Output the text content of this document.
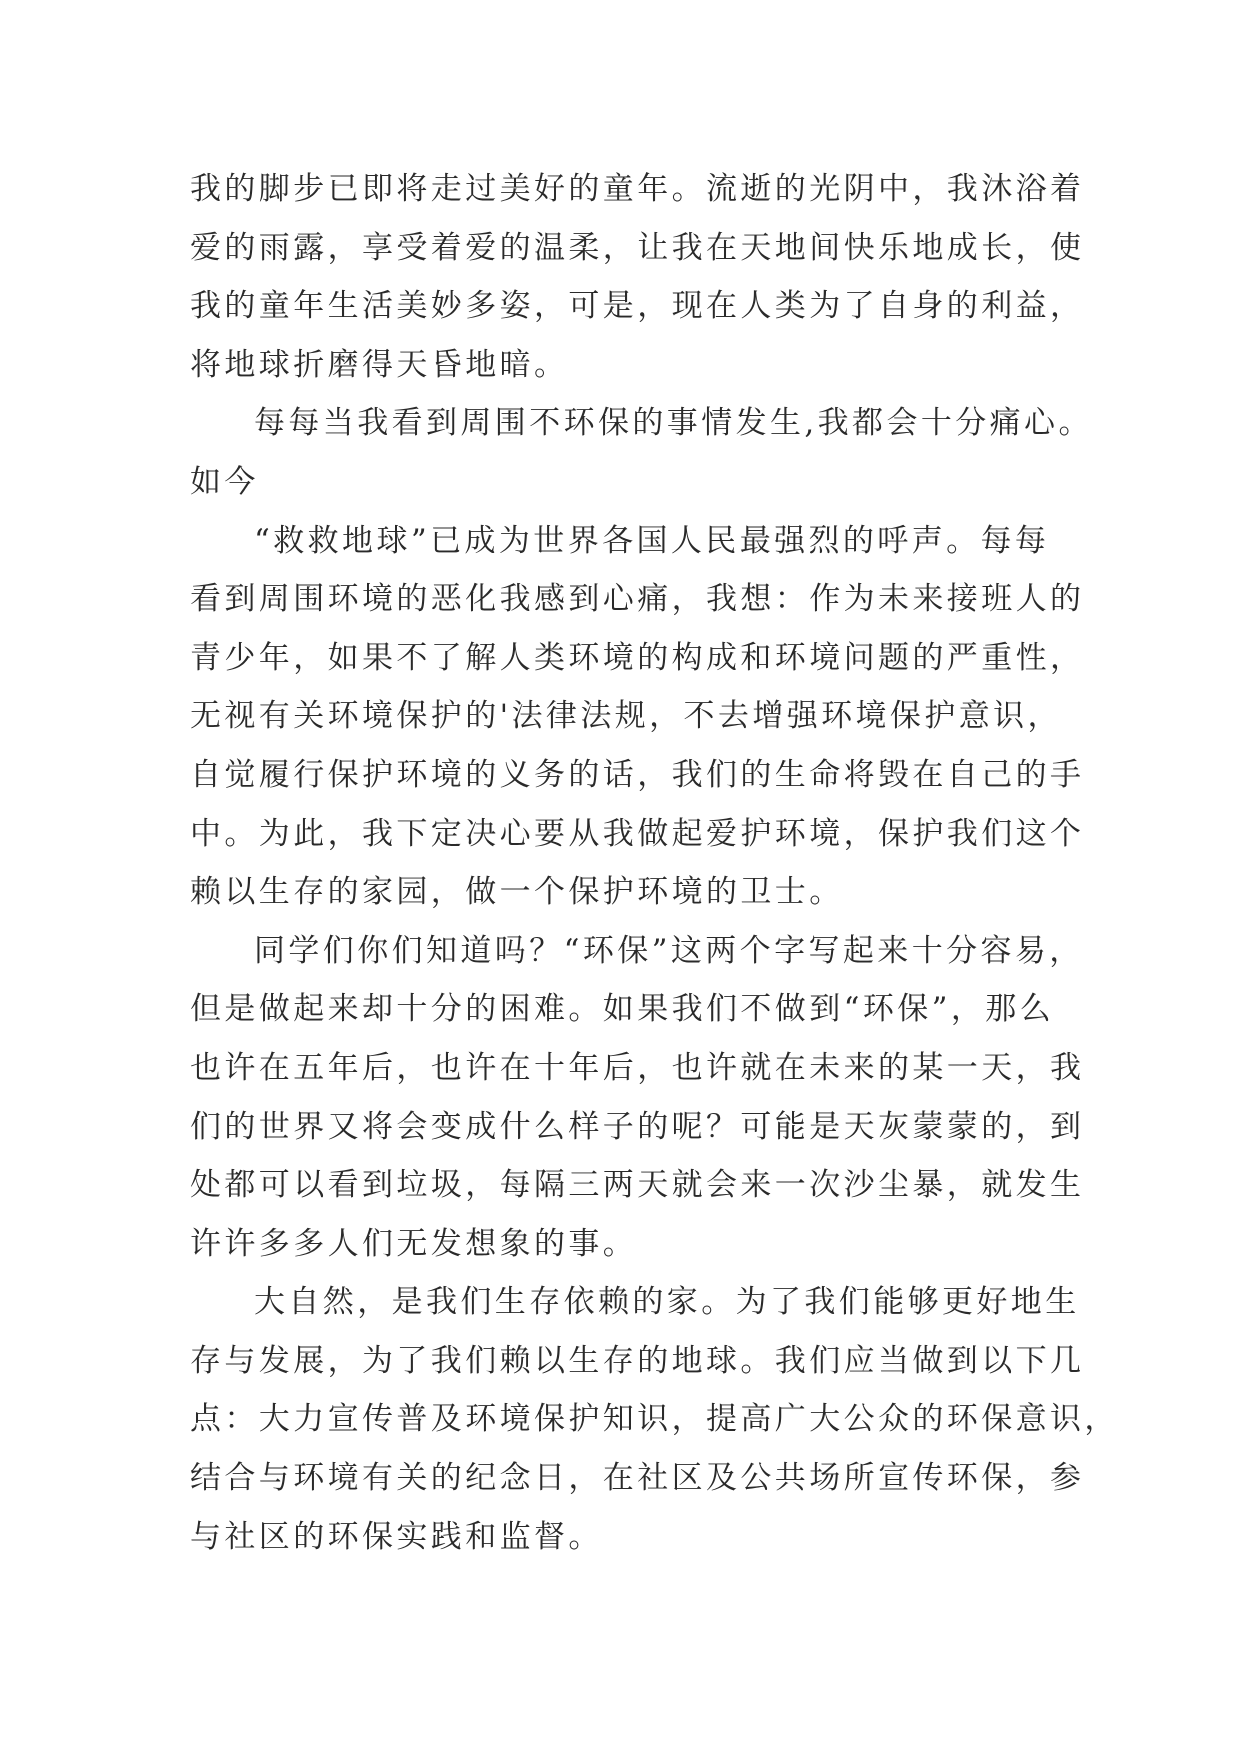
我的脚步已即将走过美好的童年。流逝的光阴中，我沐浴着
爱的雨露，享受着爱的温柔，让我在天地间快乐地成长，使
我的童年生活美妙多姿，可是，现在人类为了自身的利益，
将地球折磨得天昏地暗。
每每当我看到周围不环保的事情发生,我都会十分痛心。
如今
“救救地球”已成为世界各国人民最强烈的呼声。每每
看到周围环境的恶化我感到心痛，我想：作为未来接班人的
青少年，如果不了解人类环境的构成和环境问题的严重性，
无视有关环境保护的'法律法规，不去增强环境保护意识，
自觉履行保护环境的义务的话，我们的生命将毁在自己的手
中。为此，我下定决心要从我做起爱护环境，保护我们这个
赖以生存的家园，做一个保护环境的卫士。
同学们你们知道吗？“环保”这两个字写起来十分容易，
但是做起来却十分的困难。如果我们不做到“环保”，那么
也许在五年后，也许在十年后，也许就在未来的某一天，我
们的世界又将会变成什么样子的呢？可能是天灰蒙蒙的，到
处都可以看到垃圾，每隔三两天就会来一次沙尘暴，就发生
许许多多人们无发想象的事。
大自然，是我们生存依赖的家。为了我们能够更好地生
存与发展，为了我们赖以生存的地球。我们应当做到以下几
点：大力宣传普及环境保护知识，提高广大公众的环保意识，
结合与环境有关的纪念日，在社区及公共场所宣传环保，参
与社区的环保实践和监督。
